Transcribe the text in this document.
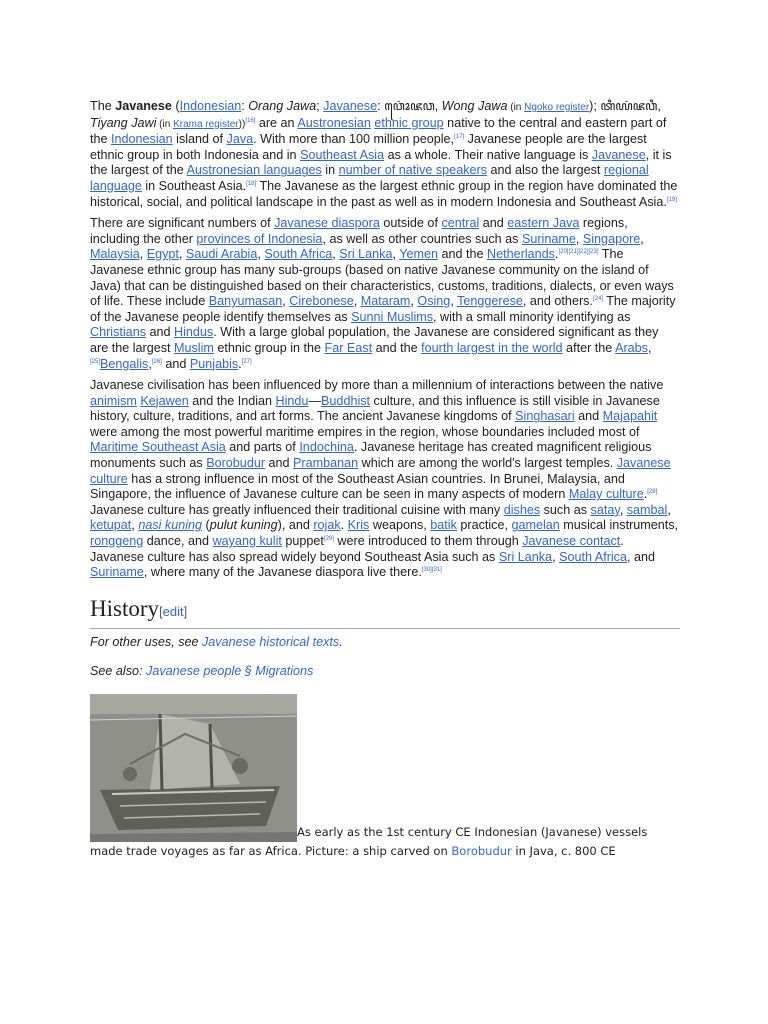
The Javanese (Indonesian: Orang Jawa; Javanese: ꦮꦺꦴꦁꦗꦮ, Wong Jawa (in Ngoko register); ꦠꦶꦪꦁꦗꦮꦶ, Tiyang Jawi (in Krama register))[16] are an Austronesian ethnic group native to the central and eastern part of the Indonesian island of Java. With more than 100 million people,[17] Javanese people are the largest ethnic group in both Indonesia and in Southeast Asia as a whole. Their native language is Javanese, it is the largest of the Austronesian languages in number of native speakers and also the largest regional language in Southeast Asia.[18] The Javanese as the largest ethnic group in the region have dominated the historical, social, and political landscape in the past as well as in modern Indonesia and Southeast Asia.[19]

There are significant numbers of Javanese diaspora outside of central and eastern Java regions, including the other provinces of Indonesia, as well as other countries such as Suriname, Singapore, Malaysia, Egypt, Saudi Arabia, South Africa, Sri Lanka, Yemen and the Netherlands.[20][21][22][23] The Javanese ethnic group has many sub-groups (based on native Javanese community on the island of Java) that can be distinguished based on their characteristics, customs, traditions, dialects, or even ways of life. These include Banyumasan, Cirebonese, Mataram, Osing, Tenggerese, and others.[24] The majority of the Javanese people identify themselves as Sunni Muslims, with a small minority identifying as Christians and Hindus. With a large global population, the Javanese are considered significant as they are the largest Muslim ethnic group in the Far East and the fourth largest in the world after the Arabs,[25]Bengalis,[26] and Punjabis.[27]

Javanese civilisation has been influenced by more than a millennium of interactions between the native animism Kejawen and the Indian Hindu—Buddhist culture, and this influence is still visible in Javanese history, culture, traditions, and art forms. The ancient Javanese kingdoms of Singhasari and Majapahit were among the most powerful maritime empires in the region, whose boundaries included most of Maritime Southeast Asia and parts of Indochina. Javanese heritage has created magnificent religious monuments such as Borobudur and Prambanan which are among the world's largest temples. Javanese culture has a strong influence in most of the Southeast Asian countries. In Brunei, Malaysia, and Singapore, the influence of Javanese culture can be seen in many aspects of modern Malay culture.[28] Javanese culture has greatly influenced their traditional cuisine with many dishes such as satay, sambal, ketupat, nasi kuning (pulut kuning), and rojak. Kris weapons, batik practice, gamelan musical instruments, ronggeng dance, and wayang kulit puppet[29] were introduced to them through Javanese contact. Javanese culture has also spread widely beyond Southeast Asia such as Sri Lanka, South Africa, and Suriname, where many of the Javanese diaspora live there.[30][31]

History[edit]
For other uses, see Javanese historical texts.
See also: Javanese people § Migrations
As early as the 1st century CE Indonesian (Javanese) vessels made trade voyages as far as Africa. Picture: a ship carved on Borobudur in Java, c. 800 CE
